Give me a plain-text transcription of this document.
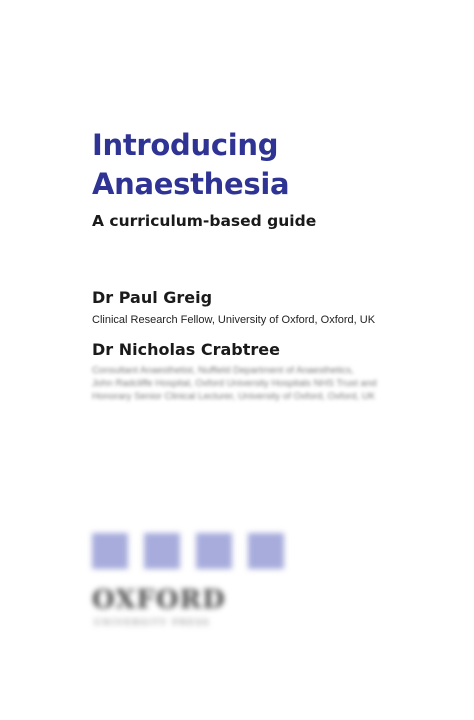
Introducing
Anaesthesia
A curriculum-based guide
Dr Paul Greig
Clinical Research Fellow, University of Oxford, Oxford, UK
Dr Nicholas Crabtree
Consultant Anaesthetist, Nuffield Department of Anaesthetics,
John Radcliffe Hospital, Oxford University Hospitals NHS Trust and
Honorary Senior Clinical Lecturer, University of Oxford, Oxford, UK
OXFORD
UNIVERSITY PRESS
